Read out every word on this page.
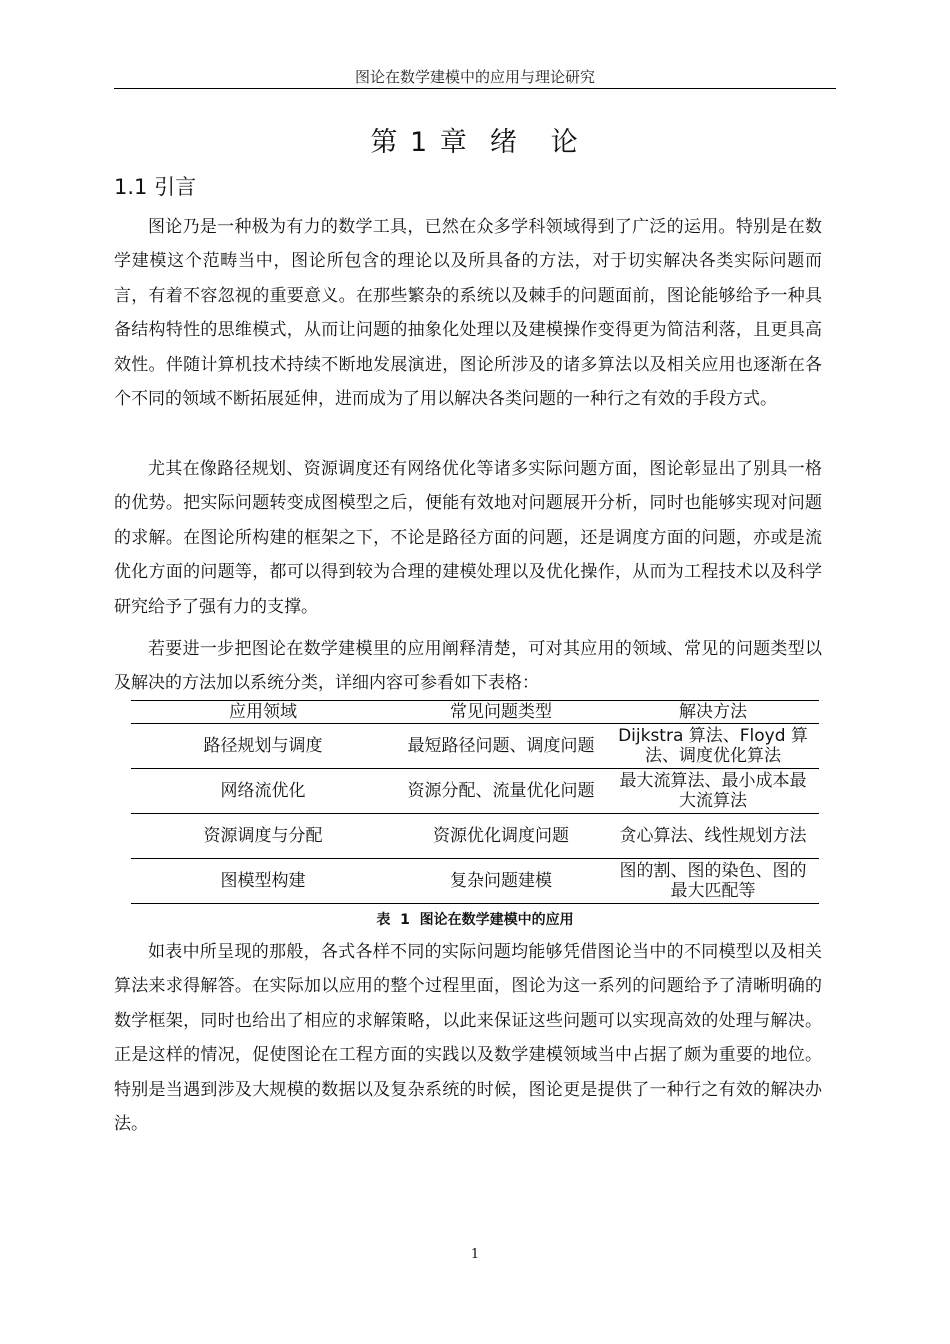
图论在数学建模中的应用与理论研究
第 1 章  绪   论
1.1 引言

图论乃是一种极为有力的数学工具，已然在众多学科领域得到了广泛的运用。特别是在数学建模这个范畴当中，图论所包含的理论以及所具备的方法，对于切实解决各类实际问题而言，有着不容忽视的重要意义。在那些繁杂的系统以及棘手的问题面前，图论能够给予一种具备结构特性的思维模式，从而让问题的抽象化处理以及建模操作变得更为简洁利落，且更具高效性。伴随计算机技术持续不断地发展演进，图论所涉及的诸多算法以及相关应用也逐渐在各个不同的领域不断拓展延伸，进而成为了用以解决各类问题的一种行之有效的手段方式。

尤其在像路径规划、资源调度还有网络优化等诸多实际问题方面，图论彰显出了别具一格的优势。把实际问题转变成图模型之后，便能有效地对问题展开分析，同时也能够实现对问题的求解。在图论所构建的框架之下，不论是路径方面的问题，还是调度方面的问题，亦或是流优化方面的问题等，都可以得到较为合理的建模处理以及优化操作，从而为工程技术以及科学研究给予了强有力的支撑。

若要进一步把图论在数学建模里的应用阐释清楚，可对其应用的领域、常见的问题类型以及解决的方法加以系统分类，详细内容可参看如下表格：

应用领域	常见问题类型	解决方法
路径规划与调度	最短路径问题、调度问题	Dijkstra 算法、Floyd 算法、调度优化算法
网络流优化	资源分配、流量优化问题	最大流算法、最小成本最大流算法
资源调度与分配	资源优化调度问题	贪心算法、线性规划方法
图模型构建	复杂问题建模	图的割、图的染色、图的最大匹配等
表  1  图论在数学建模中的应用

如表中所呈现的那般，各式各样不同的实际问题均能够凭借图论当中的不同模型以及相关算法来求得解答。在实际加以应用的整个过程里面，图论为这一系列的问题给予了清晰明确的数学框架，同时也给出了相应的求解策略，以此来保证这些问题可以实现高效的处理与解决。正是这样的情况，促使图论在工程方面的实践以及数学建模领域当中占据了颇为重要的地位。特别是当遇到涉及大规模的数据以及复杂系统的时候，图论更是提供了一种行之有效的解决办法。

1
